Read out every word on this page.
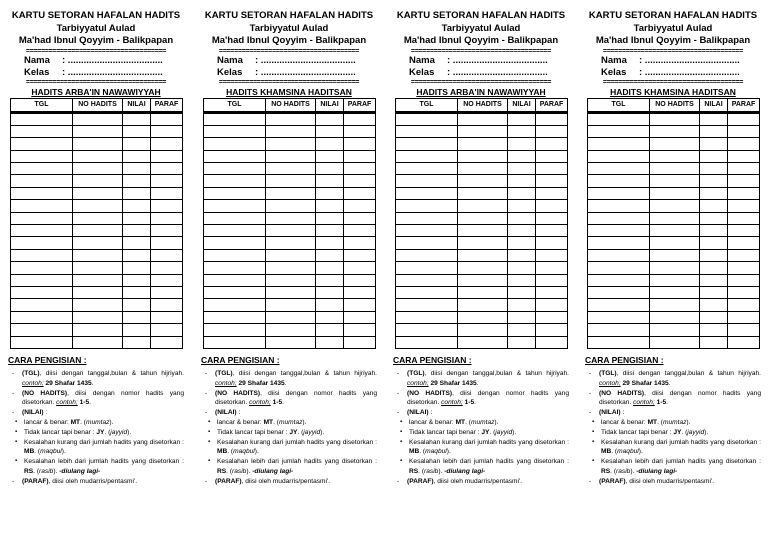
KARTU SETORAN HAFALAN HADITS
Tarbiyyatul Aulad
Ma'had Ibnul Qoyyim - Balikpapan
=====================================
Nama : ....................................
Kelas : ....................................
=====================================
HADITS ARBA'IN NAWAWIYYAH
TGL	NO HADITS	NILAI	PARAF

CARA PENGISIAN :
- (TGL), diisi dengan tanggal,bulan & tahun hijriyah. contoh; 29 Shafar 1435.
- (NO HADITS), diisi dengan nomor hadits yang disetorkan. contoh; 1-5.
- (NILAI) :
▪ lancar & benar: MT. (mumtaz).
▪ Tidak lancar tapi benar : JY. (jayyid).
▪ Kesalahan kurang dari jumlah hadits yang disetorkan : MB. (maqbul).
▪ Kesalahan lebih dari jumlah hadits yang disetorkan : RS. (rasib). -diulang lagi-
- (PARAF), diisi oleh mudarris/pentasmi'.
KARTU SETORAN HAFALAN HADITS
Tarbiyyatul Aulad
Ma'had Ibnul Qoyyim - Balikpapan
=====================================
Nama : ....................................
Kelas : ....................................
=====================================
HADITS KHAMSINA HADITSAN
TGL	NO HADITS	NILAI	PARAF

CARA PENGISIAN :
- (TGL), diisi dengan tanggal,bulan & tahun hijriyah. contoh; 29 Shafar 1435.
- (NO HADITS), diisi dengan nomor hadits yang disetorkan. contoh; 1-5.
- (NILAI) :
▪ lancar & benar: MT. (mumtaz).
▪ Tidak lancar tapi benar : JY. (jayyid).
▪ Kesalahan kurang dari jumlah hadits yang disetorkan : MB. (maqbul).
▪ Kesalahan lebih dari jumlah hadits yang disetorkan : RS. (rasib). -diulang lagi-
- (PARAF), diisi oleh mudarris/pentasmi'.
KARTU SETORAN HAFALAN HADITS
Tarbiyyatul Aulad
Ma'had Ibnul Qoyyim - Balikpapan
=====================================
Nama : ....................................
Kelas : ....................................
=====================================
HADITS ARBA'IN NAWAWIYYAH
TGL	NO HADITS	NILAI	PARAF

CARA PENGISIAN :
- (TGL), diisi dengan tanggal,bulan & tahun hijriyah. contoh; 29 Shafar 1435.
- (NO HADITS), diisi dengan nomor hadits yang disetorkan. contoh; 1-5.
- (NILAI) :
▪ lancar & benar: MT. (mumtaz).
▪ Tidak lancar tapi benar : JY. (jayyid).
▪ Kesalahan kurang dari jumlah hadits yang disetorkan : MB. (maqbul).
▪ Kesalahan lebih dari jumlah hadits yang disetorkan : RS. (rasib). -diulang lagi-
- (PARAF), diisi oleh mudarris/pentasmi'.
KARTU SETORAN HAFALAN HADITS
Tarbiyyatul Aulad
Ma'had Ibnul Qoyyim - Balikpapan
=====================================
Nama : ....................................
Kelas : ....................................
=====================================
HADITS KHAMSINA HADITSAN
TGL	NO HADITS	NILAI	PARAF

CARA PENGISIAN :
- (TGL), diisi dengan tanggal,bulan & tahun hijriyah. contoh; 29 Shafar 1435.
- (NO HADITS), diisi dengan nomor hadits yang disetorkan. contoh; 1-5.
- (NILAI) :
▪ lancar & benar: MT. (mumtaz).
▪ Tidak lancar tapi benar : JY. (jayyid).
▪ Kesalahan kurang dari jumlah hadits yang disetorkan : MB. (maqbul).
▪ Kesalahan lebih dari jumlah hadits yang disetorkan : RS. (rasib). -diulang lagi-
- (PARAF), diisi oleh mudarris/pentasmi'.
